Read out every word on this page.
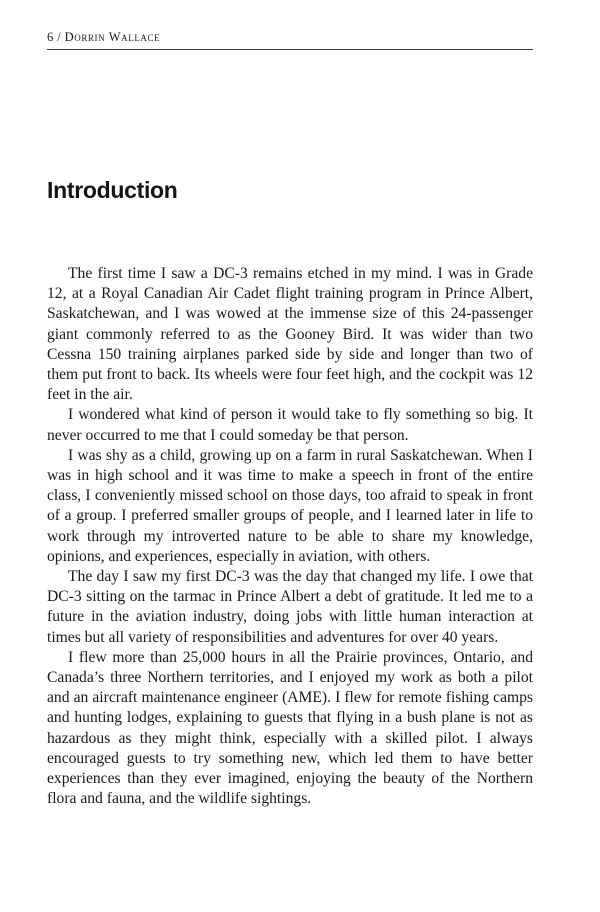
6 / Dorrin Wallace
Introduction

The first time I saw a DC-3 remains etched in my mind. I was in Grade 12, at a Royal Canadian Air Cadet flight training program in Prince Albert, Saskatchewan, and I was wowed at the immense size of this 24-passenger giant commonly referred to as the Gooney Bird. It was wider than two Cessna 150 training airplanes parked side by side and longer than two of them put front to back. Its wheels were four feet high, and the cockpit was 12 feet in the air.

I wondered what kind of person it would take to fly something so big. It never occurred to me that I could someday be that person.

I was shy as a child, growing up on a farm in rural Saskatchewan. When I was in high school and it was time to make a speech in front of the entire class, I conveniently missed school on those days, too afraid to speak in front of a group. I preferred smaller groups of people, and I learned later in life to work through my introverted nature to be able to share my knowledge, opinions, and experiences, especially in aviation, with others.

The day I saw my first DC-3 was the day that changed my life. I owe that DC-3 sitting on the tarmac in Prince Albert a debt of gratitude. It led me to a future in the aviation industry, doing jobs with little human interaction at times but all variety of responsibilities and adventures for over 40 years.

I flew more than 25,000 hours in all the Prairie provinces, Ontario, and Canada’s three Northern territories, and I enjoyed my work as both a pilot and an aircraft maintenance engineer (AME). I flew for remote fishing camps and hunting lodges, explaining to guests that flying in a bush plane is not as hazardous as they might think, especially with a skilled pilot. I always encouraged guests to try something new, which led them to have better experiences than they ever imagined, enjoying the beauty of the Northern flora and fauna, and the wildlife sightings.
